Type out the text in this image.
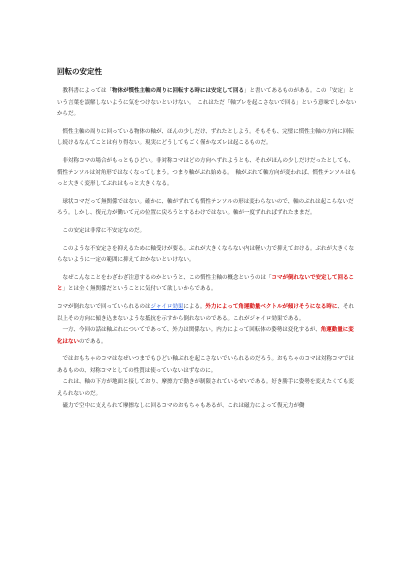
回転の安定性

　教科書によっては「物体が慣性主軸の周りに回転する時には安定して回る」と書いてあるものがある。この「安定」という言葉を誤解しないように気をつけないといけない。　これはただ「軸ブレを起こさないで回る」という意味でしかないからだ。

　慣性主軸の周りに回っている物体の軸が、ほんの少しだけ、ずれたとしよう。そもそも、完璧に慣性主軸の方向に回転し続けるなんてことは有り得ない。現実にどうしてもごく僅かなズレは起こるものだ。

　非対称コマの場合がもっともひどい。非対称コマはどの方向へずれようとも、それがほんの少しだけだったとしても、慣性テンソルは対角形ではなくなってしまう。つまり軸がぶれ始める。　軸がぶれて軸方向が変われば、慣性テンソルはもっと大きく変形してぶれはもっと大きくなる。

　球状コマだって無関係ではない。確かに、軸がずれても慣性テンソルの形は変わらないので、軸のぶれは起こらないだろう。しかし、復元力が働いて元の位置に戻ろうとするわけではない。軸が一度ずれればずれたままだ。

　この安定は非常に不安定なのだ。

　このような不安定さを抑えるために軸受けが要る。ぶれが大きくならない内は軽い力で抑えておける。ぶれが大きくならないように一定の範囲に抑えておかないといけない。

　なぜこんなことをわざわざ注意するのかというと、この慣性主軸の概念というのは「コマが倒れないで安定して回ること」とは全く無関係だということに気付いて欲しいからである。

コマが倒れないで回っていられるのはジャイロ効果による。外力によって角運動量ベクトルが傾けそうになる時に、それ以上その方向に傾き込まないような抵抗を示すから倒れないのである。これがジャイロ効果である。

　一方、今回の話は軸ぶれについてであって、外力は関係ない。内力によって回転体の姿勢は変化するが、角運動量に変化はないのである。

　ではおもちゃのコマはなぜいつまでもひどい軸ぶれを起こさないでいられるのだろう。おもちゃのコマは対称コマではあるものの、対称コマとしての性質は使っていないはずなのに。

　これは、軸の下方が地面と接しており、摩擦力で動きが制限されているせいである。好き勝手に姿勢を変えたくても変えられないのだ。

　磁力で空中に支えられて摩擦なしに回るコマのおもちゃもあるが、これは磁力によって復元力が働
